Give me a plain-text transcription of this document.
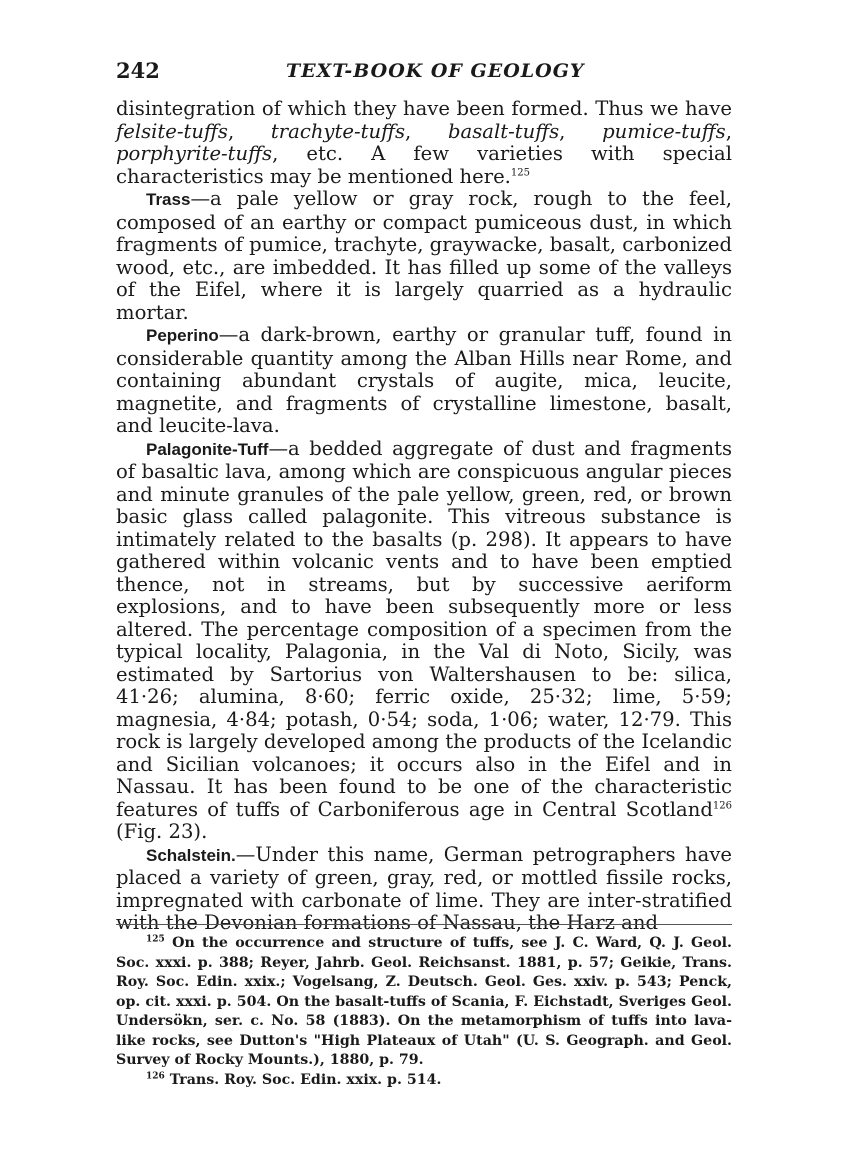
242	TEXT-BOOK OF GEOLOGY

disintegration of which they have been formed. Thus we have felsite-tuffs, trachyte-tuffs, basalt-tuffs, pumice-tuffs, porphyrite-tuffs, etc. A few varieties with special characteristics may be mentioned here.$^{125}$

Trass—a pale yellow or gray rock, rough to the feel, composed of an earthy or compact pumiceous dust, in which fragments of pumice, trachyte, graywacke, basalt, carbonized wood, etc., are imbedded. It has filled up some of the valleys of the Eifel, where it is largely quarried as a hydraulic mortar.

Peperino—a dark-brown, earthy or granular tuff, found in considerable quantity among the Alban Hills near Rome, and containing abundant crystals of augite, mica, leucite, magnetite, and fragments of crystalline limestone, basalt, and leucite-lava.

Palagonite-Tuff—a bedded aggregate of dust and fragments of basaltic lava, among which are conspicuous angular pieces and minute granules of the pale yellow, green, red, or brown basic glass called palagonite. This vitreous substance is intimately related to the basalts (p. 298). It appears to have gathered within volcanic vents and to have been emptied thence, not in streams, but by successive aeriform explosions, and to have been subsequently more or less altered. The percentage composition of a specimen from the typical locality, Palagonia, in the Val di Noto, Sicily, was estimated by Sartorius von Waltershausen to be: silica, 41·26; alumina, 8·60; ferric oxide, 25·32; lime, 5·59; magnesia, 4·84; potash, 0·54; soda, 1·06; water, 12·79. This rock is largely developed among the products of the Icelandic and Sicilian volcanoes; it occurs also in the Eifel and in Nassau. It has been found to be one of the characteristic features of tuffs of Carboniferous age in Central Scotland$^{126}$ (Fig. 23).

Schalstein.—Under this name, German petrographers have placed a variety of green, gray, red, or mottled fissile rocks, impregnated with carbonate of lime. They are inter-stratified with the Devonian formations of Nassau, the Harz and

$^{125}$ On the occurrence and structure of tuffs, see J. C. Ward, Q. J. Geol. Soc. xxxi. p. 388; Reyer, Jahrb. Geol. Reichsanst. 1881, p. 57; Geikie, Trans. Roy. Soc. Edin. xxix.; Vogelsang, Z. Deutsch. Geol. Ges. xxiv. p. 543; Penck, op. cit. xxxi. p. 504. On the basalt-tuffs of Scania, F. Eichstadt, Sveriges Geol. Undersökn, ser. c. No. 58 (1883). On the metamorphism of tuffs into lava-like rocks, see Dutton's "High Plateaux of Utah" (U. S. Geograph. and Geol. Survey of Rocky Mounts.), 1880, p. 79.

$^{126}$ Trans. Roy. Soc. Edin. xxix. p. 514.
